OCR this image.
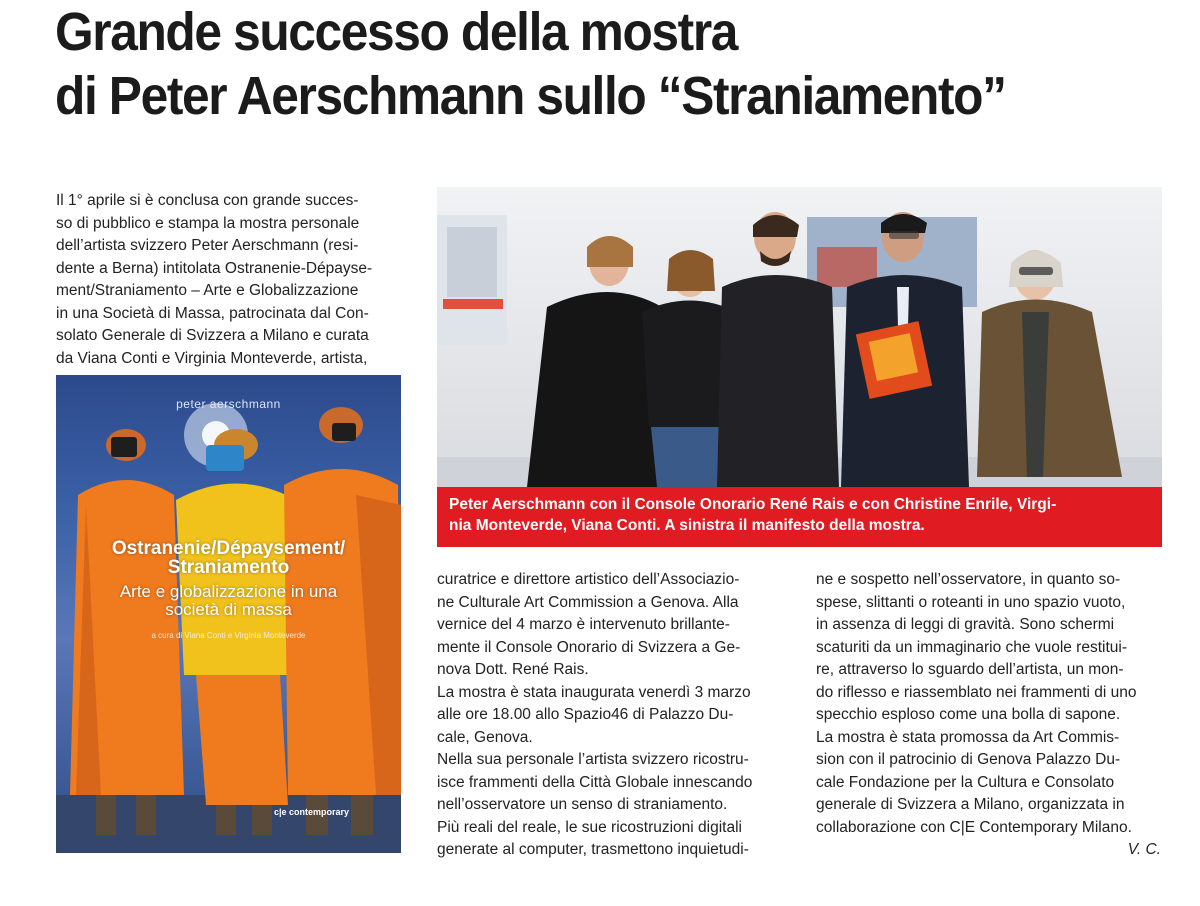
Grande successo della mostra
di Peter Aerschmann sullo “Straniamento”

Il 1° aprile si è conclusa con grande succes-

so di pubblico e stampa la mostra personale

dell’artista svizzero Peter Aerschmann (resi-

dente a Berna) intitolata Ostranenie-Dépayse-

ment/Straniamento – Arte e Globalizzazione

in una Società di Massa, patrocinata dal Con-

solato Generale di Svizzera a Milano e curata

da Viana Conti e Virginia Monteverde, artista,

peter aerschmann
Ostranenie/Dépaysement/
Straniamento
Arte e globalizzazione in una
società di massa
a cura di Viana Conti e Virginia Monteverde
c|e contemporary
Peter Aerschmann con il Console Onorario René Rais e con Christine Enrile, Virgi-
nia Monteverde, Viana Conti. A sinistra il manifesto della mostra.

curatrice e direttore artistico dell’Associazio-

ne Culturale Art Commission a Genova. Alla

vernice del 4 marzo è intervenuto brillante-

mente il Console Onorario di Svizzera a Ge-

nova Dott. René Rais.

La mostra è stata inaugurata venerdì 3 marzo

alle ore 18.00 allo Spazio46 di Palazzo Du-

cale, Genova.

Nella sua personale l’artista svizzero ricostru-

isce frammenti della Città Globale innescando

nell’osservatore un senso di straniamento.

Più reali del reale, le sue ricostruzioni digitali

generate al computer, trasmettono inquietudi-

ne e sospetto nell’osservatore, in quanto so-

spese, slittanti o roteanti in uno spazio vuoto,

in assenza di leggi di gravità. Sono schermi

scaturiti da un immaginario che vuole restitui-

re, attraverso lo sguardo dell’artista, un mon-

do riflesso e riassemblato nei frammenti di uno

specchio esploso come una bolla di sapone.

La mostra è stata promossa da Art Commis-

sion con il patrocinio di Genova Palazzo Du-

cale Fondazione per la Cultura e Consolato

generale di Svizzera a Milano, organizzata in

collaborazione con C|E Contemporary Milano.

V. C.
